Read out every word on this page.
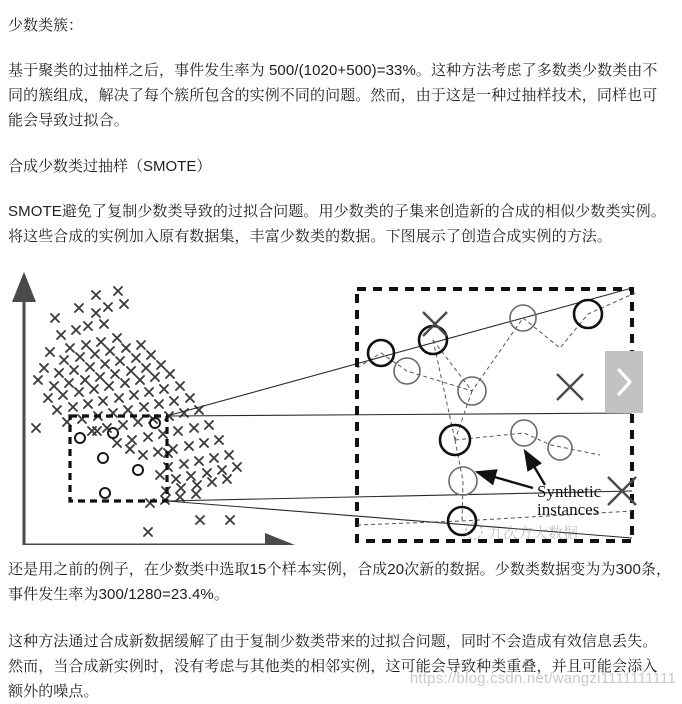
少数类簇：

基于聚类的过抽样之后，事件发生率为 500/(1020+500)=33%。这种方法考虑了多数类少数类由不同的簇组成，解决了每个簇所包含的实例不同的问题。然而，由于这是一种过抽样技术，同样也可能会导致过拟合。

合成少数类过抽样（SMOTE）

SMOTE避免了复制少数类导致的过拟合问题。用少数类的子集来创造新的合成的相似少数类实例。将这些合成的实例加入原有数据集，丰富少数类的数据。下图展示了创造合成实例的方法。

Synthetic
instances
九次方大数据

还是用之前的例子，在少数类中选取15个样本实例，合成20次新的数据。少数类数据变为为300条，事件发生率为300/1280=23.4%。

这种方法通过合成新数据缓解了由于复制少数类带来的过拟合问题，同时不会造成有效信息丢失。然而，当合成新实例时，没有考虑与其他类的相邻实例，这可能会导致种类重叠，并且可能会添入额外的噪点。

https://blog.csdn.net/wangzi1111111111
